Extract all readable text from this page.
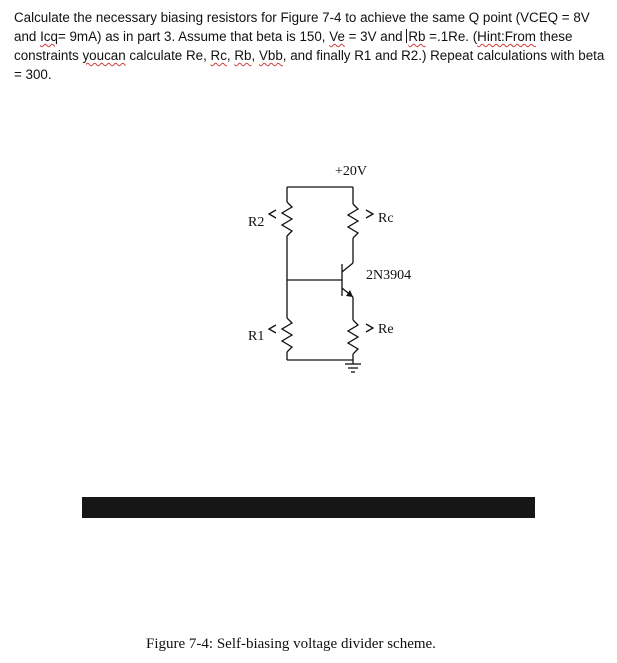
Calculate the necessary biasing resistors for Figure 7-4 to achieve the same Q point (VCEQ = 8V and Icq= 9mA) as in part 3. Assume that beta is 150, Ve = 3V and Rb =.1Re. (Hint:From these constraints youcan calculate Re, Rc, Rb, Vbb, and finally R1 and R2.) Repeat calculations with beta = 300.

+20V
R2
R1
Rc
Re
2N3904

Figure 7-4: Self-biasing voltage divider scheme.
